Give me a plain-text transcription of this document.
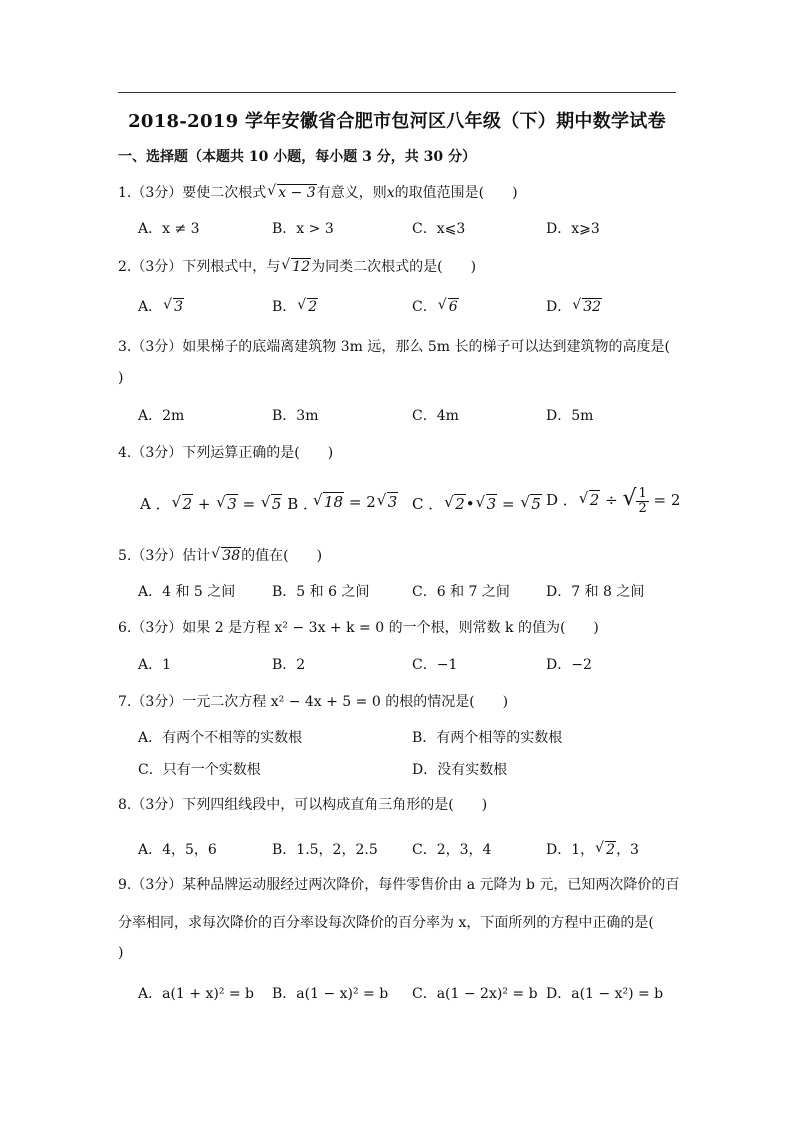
2018-2019 学年安徽省合肥市包河区八年级（下）期中数学试卷
一、选择题（本题共 10 小题，每小题 3 分，共 30 分）
1.（3分）要使二次根式 √ x − 3有意义，则x的取值范围是(　　)
A．x ≠ 3	B．x > 3	C．x⩽3	D．x⩾3
2.（3分）下列根式中，与 √ 12为同类二次根式的是(　　)
A． √ 3	B． √ 2	C． √ 6	D． √ 32
3.（3分）如果梯子的底端离建筑物 3m 远，那么 5m 长的梯子可以达到建筑物的高度是(
)
A．2m	B．3m	C．4m	D．5m
4.（3分）下列运算正确的是(　　)
A ． √ 2 + √ 3 = √ 5 B ． √ 18 = 2 √ 3 C ． √ 2• √ 3 = √ 5 D ． √ 2 ÷ √ $\frac{1}{2} = 2$
5.（3分）估计 √ 38的值在(　　)
A．4 和 5 之间	B．5 和 6 之间	C．6 和 7 之间	D．7 和 8 之间
6.（3分）如果 2 是方程 x² − 3x + k = 0 的一个根，则常数 k 的值为(　　)
A．1	B．2	C．−1	D．−2
7.（3分）一元二次方程 x² − 4x + 5 = 0 的根的情况是(　　)
A．有两个不相等的实数根	B．有两个相等的实数根
C．只有一个实数根	D．没有实数根
8.（3分）下列四组线段中，可以构成直角三角形的是(　　)
A．4，5，6	B．1.5，2，2.5 C．2，3，4	D．1， √ 2，3
9.（3分）某种品牌运动服经过两次降价，每件零售价由 a 元降为 b 元，已知两次降价的百
分率相同，求每次降价的百分率设每次降价的百分率为 x，下面所列的方程中正确的是(
)
A．a(1 + x)² = b B．a(1 − x)² = b C．a(1 − 2x)² = b D．a(1 − x²) = b
